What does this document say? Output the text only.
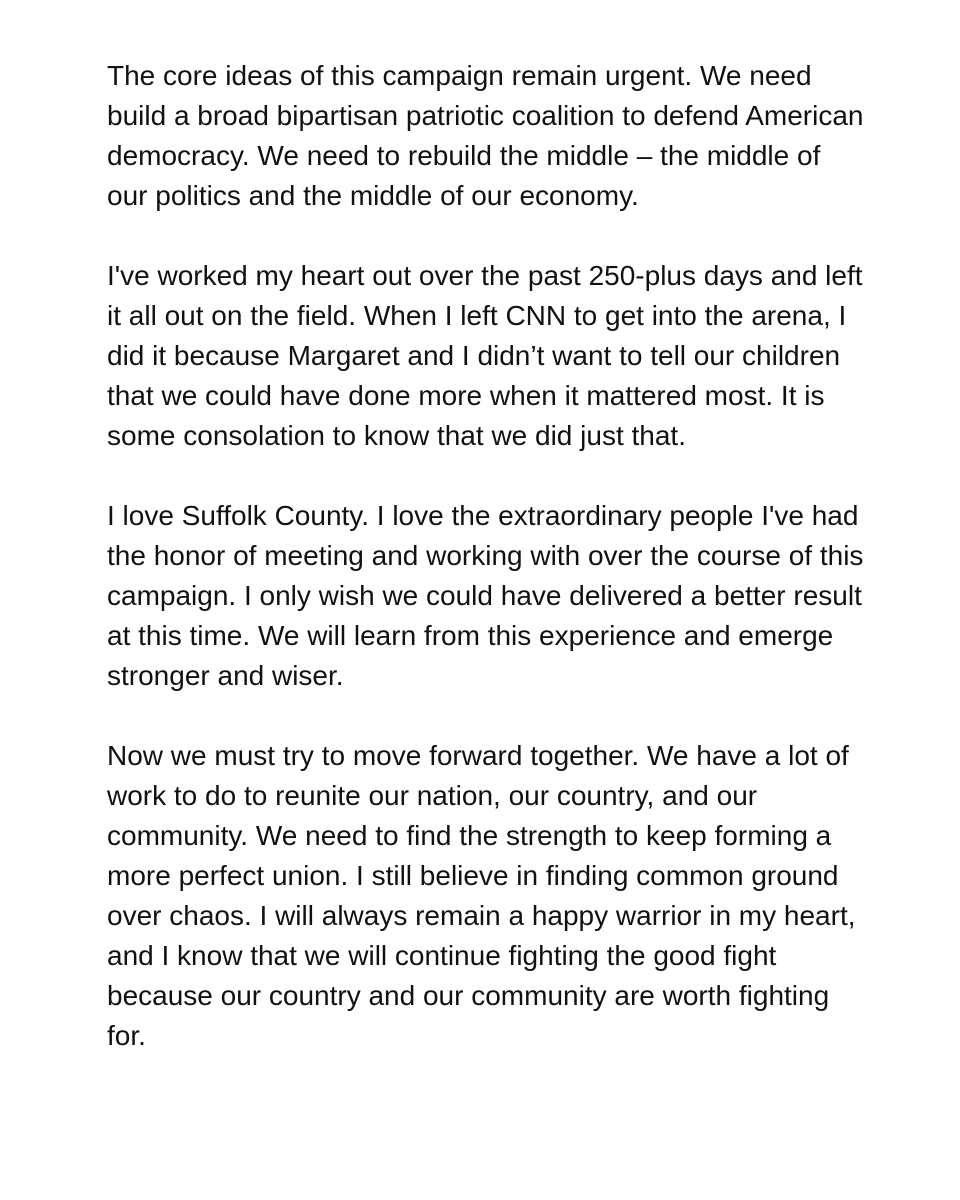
The core ideas of this campaign remain urgent. We need build a broad bipartisan patriotic coalition to defend American democracy. We need to rebuild the middle – the middle of our politics and the middle of our economy.

I've worked my heart out over the past 250-plus days and left it all out on the field. When I left CNN to get into the arena, I did it because Margaret and I didn’t want to tell our children that we could have done more when it mattered most. It is some consolation to know that we did just that.

I love Suffolk County. I love the extraordinary people I've had the honor of meeting and working with over the course of this campaign. I only wish we could have delivered a better result at this time. We will learn from this experience and emerge stronger and wiser.

Now we must try to move forward together. We have a lot of work to do to reunite our nation, our country, and our community. We need to find the strength to keep forming a more perfect union. I still believe in finding common ground over chaos. I will always remain a happy warrior in my heart, and I know that we will continue fighting the good fight because our country and our community are worth fighting for.
